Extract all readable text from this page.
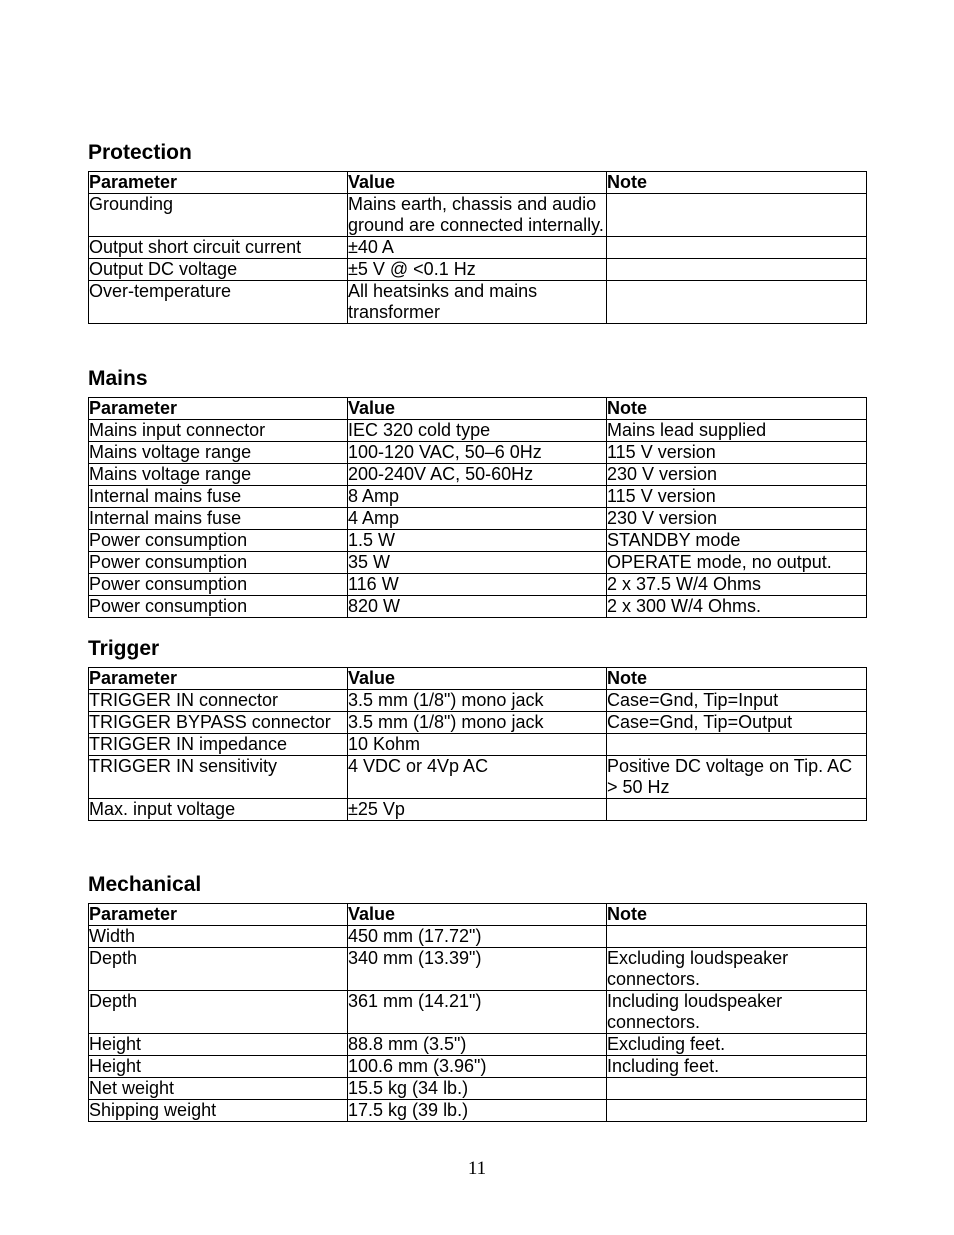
Protection
Parameter	Value	Note
Grounding	Mains earth, chassis and audio ground are connected internally.	
Output short circuit current	±40 A	
Output DC voltage	±5 V @ <0.1 Hz	
Over-temperature	All heatsinks and mains transformer	
Mains
Parameter	Value	Note
Mains input connector	IEC 320 cold type	Mains lead supplied
Mains voltage range	100-120 VAC, 50–6 0Hz	115 V version
Mains voltage range	200-240V AC, 50-60Hz	230 V version
Internal mains fuse	8 Amp	115 V version
Internal mains fuse	4 Amp	230 V version
Power consumption	1.5 W	STANDBY mode
Power consumption	35 W	OPERATE mode, no output.
Power consumption	116 W	2 x 37.5 W/4 Ohms
Power consumption	820 W	2 x 300 W/4 Ohms.
Trigger
Parameter	Value	Note
TRIGGER IN connector	3.5 mm (1/8") mono jack	Case=Gnd, Tip=Input
TRIGGER BYPASS connector	3.5 mm (1/8") mono jack	Case=Gnd, Tip=Output
TRIGGER IN impedance	10 Kohm	
TRIGGER IN sensitivity	4 VDC or 4Vp AC	Positive DC voltage on Tip. AC > 50 Hz
Max. input voltage	±25 Vp	
Mechanical
Parameter	Value	Note
Width	450 mm (17.72")	
Depth	340 mm (13.39")	Excluding loudspeaker connectors.
Depth	361 mm (14.21")	Including loudspeaker connectors.
Height	88.8 mm (3.5")	Excluding feet.
Height	100.6 mm (3.96")	Including feet.
Net weight	15.5 kg (34 lb.)	
Shipping weight	17.5 kg (39 lb.)	
11
